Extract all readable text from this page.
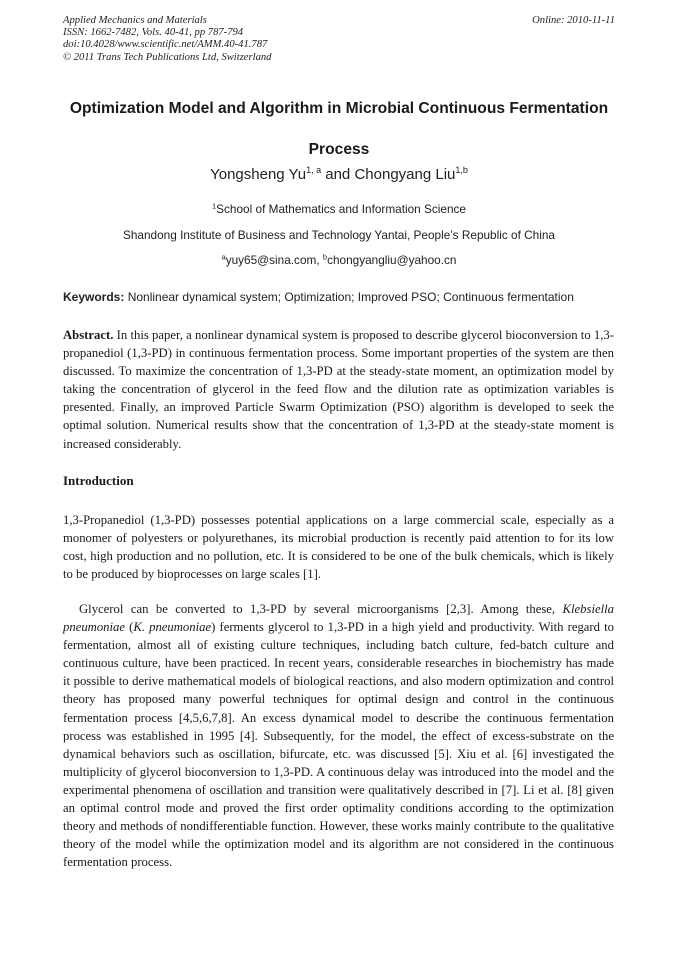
Applied Mechanics and Materials
ISSN: 1662-7482, Vols. 40-41, pp 787-794
doi:10.4028/www.scientific.net/AMM.40-41.787
© 2011 Trans Tech Publications Ltd, Switzerland
Online: 2010-11-11
Optimization Model and Algorithm in Microbial Continuous Fermentation
Process
Yongsheng Yu$^{1, a}$ and Chongyang Liu$^{1,b}$
$^1$School of Mathematics and Information Science
Shandong Institute of Business and Technology Yantai, People’s Republic of China
$^a$yuy65@sina.com, $^b$chongyangliu@yahoo.cn
Keywords: Nonlinear dynamical system; Optimization; Improved PSO; Continuous fermentation

Abstract. In this paper, a nonlinear dynamical system is proposed to describe glycerol bioconversion to 1,3-propanediol (1,3-PD) in continuous fermentation process. Some important properties of the system are then discussed. To maximize the concentration of 1,3-PD at the steady-state moment, an optimization model by taking the concentration of glycerol in the feed flow and the dilution rate as optimization variables is presented. Finally, an improved Particle Swarm Optimization (PSO) algorithm is developed to seek the optimal solution. Numerical results show that the concentration of 1,3-PD at the steady-state moment is increased considerably.

Introduction

1,3-Propanediol (1,3-PD) possesses potential applications on a large commercial scale, especially as a monomer of polyesters or polyurethanes, its microbial production is recently paid attention to for its low cost, high production and no pollution, etc. It is considered to be one of the bulk chemicals, which is likely to be produced by bioprocesses on large scales [1].

Glycerol can be converted to 1,3-PD by several microorganisms [2,3]. Among these, Klebsiella pneumoniae (K. pneumoniae) ferments glycerol to 1,3-PD in a high yield and productivity. With regard to fermentation, almost all of existing culture techniques, including batch culture, fed-batch culture and continuous culture, have been practiced. In recent years, considerable researches in biochemistry has made it possible to derive mathematical models of biological reactions, and also modern optimization and control theory has proposed many powerful techniques for optimal design and control in the continuous fermentation process [4,5,6,7,8]. An excess dynamical model to describe the continuous fermentation process was established in 1995 [4]. Subsequently, for the model, the effect of excess-substrate on the dynamical behaviors such as oscillation, bifurcate, etc. was discussed [5]. Xiu et al. [6] investigated the multiplicity of glycerol bioconversion to 1,3-PD. A continuous delay was introduced into the model and the experimental phenomena of oscillation and transition were qualitatively described in [7]. Li et al. [8] given an optimal control mode and proved the first order optimality conditions according to the optimization theory and methods of nondifferentiable function. However, these works mainly contribute to the qualitative theory of the model while the optimization model and its algorithm are not considered in the continuous fermentation process.
